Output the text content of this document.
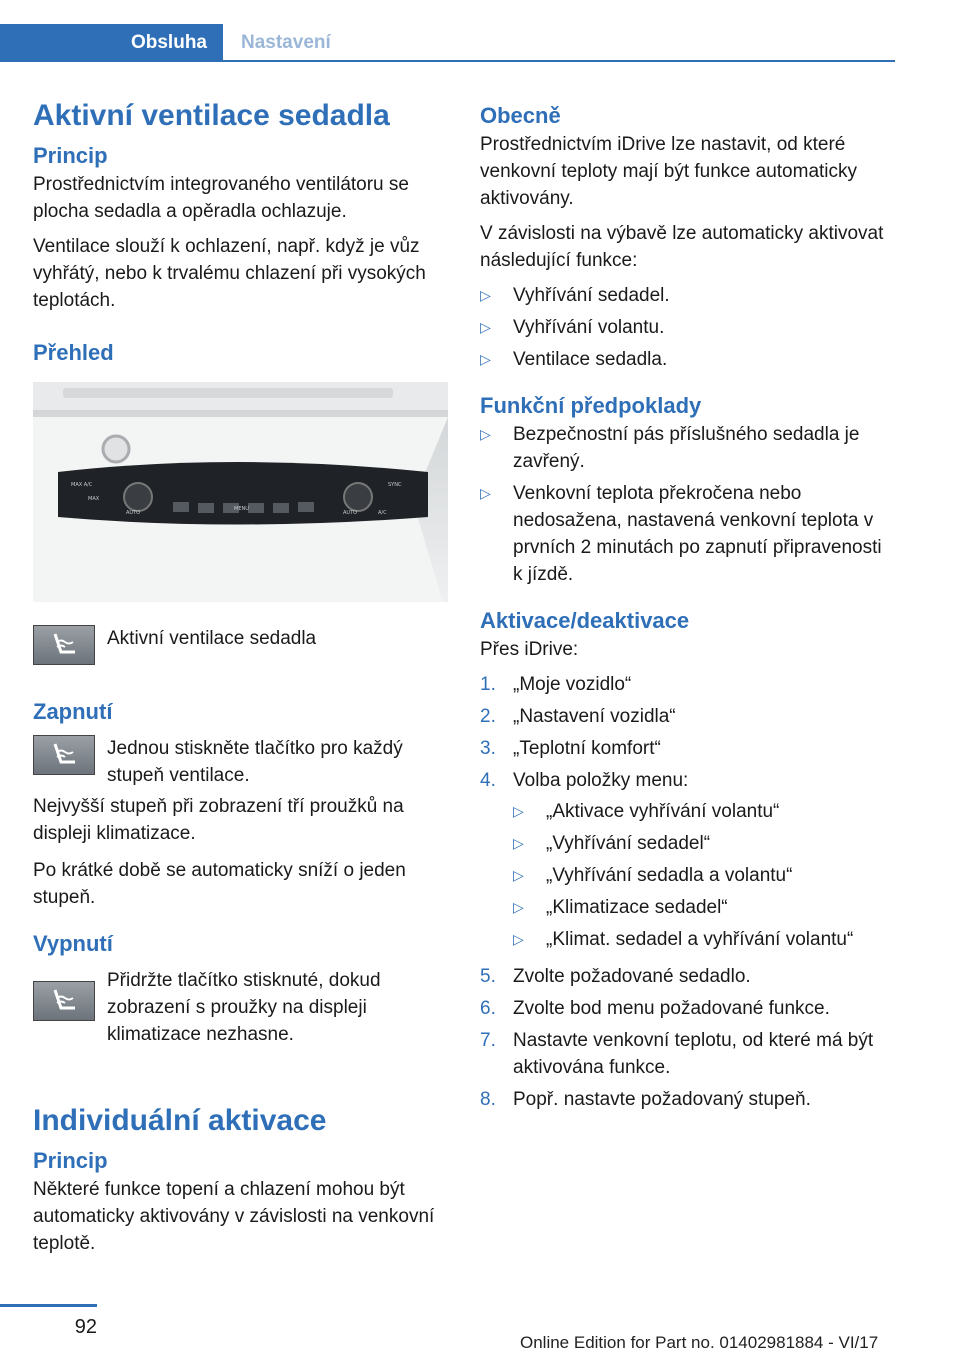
Obsluha	Nastavení
Aktivní ventilace sedadla
Princip

Prostřednictvím integrovaného ventilátoru se plocha sedadla a opěradla ochlazuje.

Ventilace slouží k ochlazení, např. když je vůz vyhřátý, nebo k trvalému chlazení při vysokých teplotách.

Přehled
MAX A/C
MAX
AUTO
MENU
AUTO	A/C
SYNC
Aktivní ventilace sedadla
Zapnutí
Jednou stiskněte tlačítko pro každý stupeň ventilace.

Nejvyšší stupeň při zobrazení tří proužků na displeji klimatizace.

Po krátké době se automaticky sníží o jeden stupeň.

Vypnutí
Přidržte tlačítko stisknuté, dokud zobrazení s proužky na displeji klimatizace nezhasne.
Individuální aktivace
Princip

Některé funkce topení a chlazení mohou být automaticky aktivovány v závislosti na venkovní teplotě.

Obecně

Prostřednictvím iDrive lze nastavit, od které venkovní teploty mají být funkce automaticky aktivovány.

V závislosti na výbavě lze automaticky aktivovat následující funkce:

▷	Vyhřívání sedadel.
▷	Vyhřívání volantu.
▷	Ventilace sedadla.
Funkční předpoklady
▷	Bezpečnostní pás příslušného sedadla je zavřený.
▷	Venkovní teplota překročena nebo nedosažena, nastavená venkovní teplota v prvních 2 minutách po zapnutí připravenosti k jízdě.
Aktivace/deaktivace

Přes iDrive:

1. „Moje vozidlo“
2. „Nastavení vozidla“
3. „Teplotní komfort“
4. Volba položky menu:
▷	„Aktivace vyhřívání volantu“
▷	„Vyhřívání sedadel“
▷	„Vyhřívání sedadla a volantu“
▷	„Klimatizace sedadel“
▷	„Klimat. sedadel a vyhřívání volantu“
5. Zvolte požadované sedadlo.
6. Zvolte bod menu požadované funkce.
7. Nastavte venkovní teplotu, od které má být aktivována funkce.
8. Popř. nastavte požadovaný stupeň.
92
Online Edition for Part no. 01402981884 - VI/17
